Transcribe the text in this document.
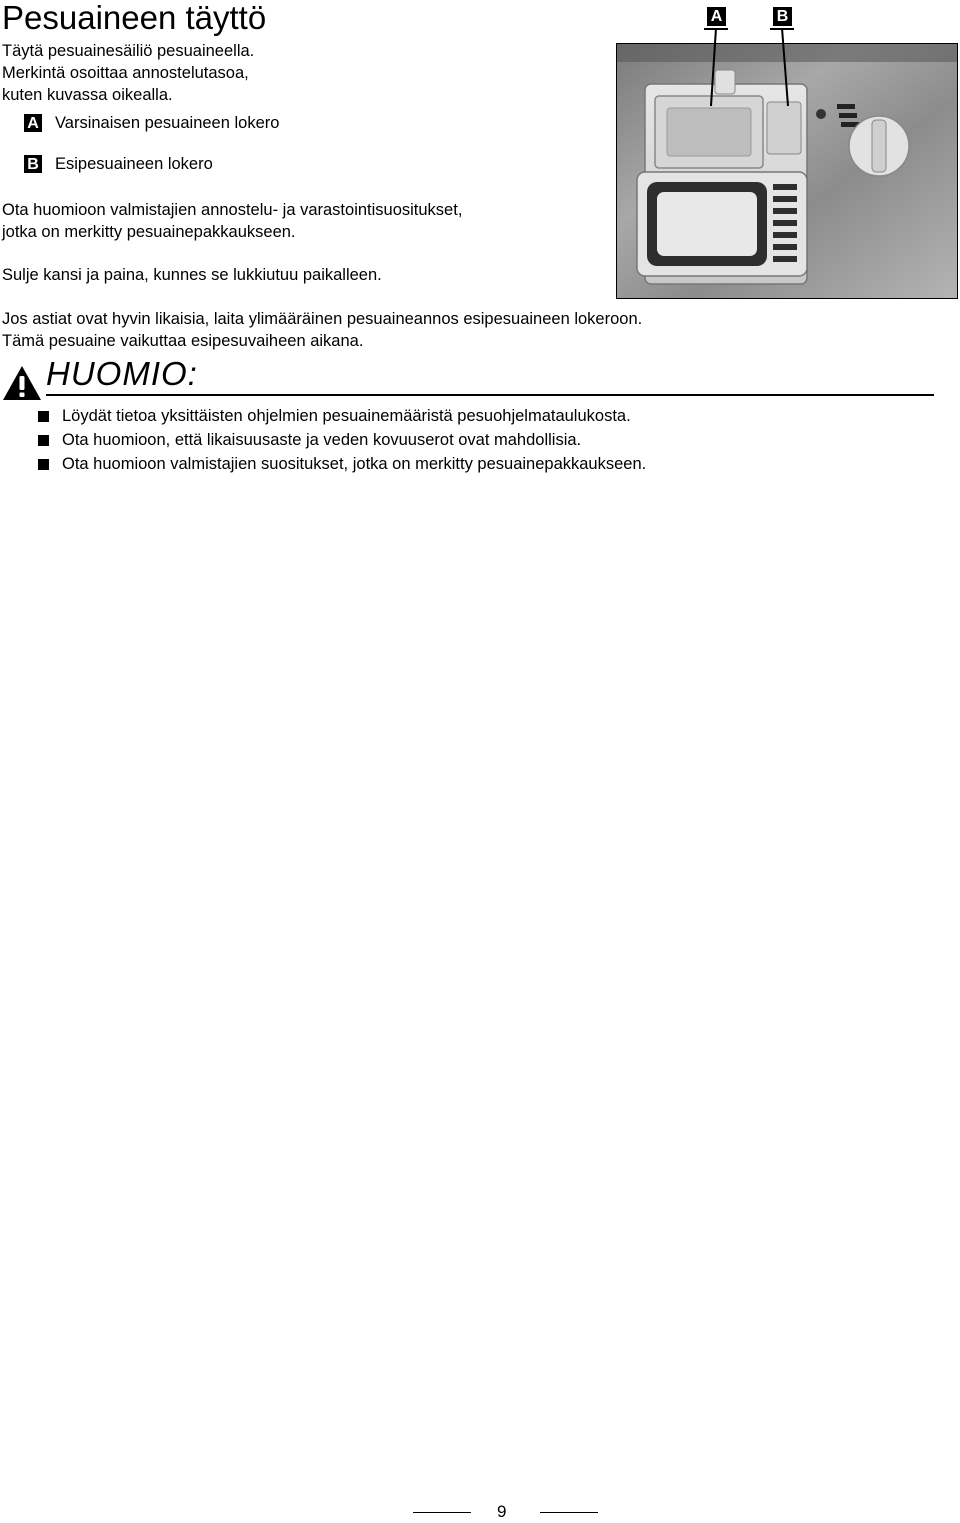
Pesuaineen täyttö
Täytä pesuainesäiliö pesuaineella.
Merkintä osoittaa annostelutasoa,
kuten kuvassa oikealla.
A Varsinaisen pesuaineen lokero
B Esipesuaineen lokero
Ota huomioon valmistajien annostelu- ja varastointisuositukset,
jotka on merkitty pesuainepakkaukseen.
Sulje kansi ja paina, kunnes se lukkiutuu paikalleen.
Jos astiat ovat hyvin likaisia, laita ylimääräinen pesuaineannos esipesuaineen lokeroon.
Tämä pesuaine vaikuttaa esipesuvaiheen aikana.
A	B
HUOMIO:
Löydät tietoa yksittäisten ohjelmien pesuainemääristä pesuohjelmataulukosta.
Ota huomioon, että likaisuusaste ja veden kovuuserot ovat mahdollisia.
Ota huomioon valmistajien suositukset, jotka on merkitty pesuainepakkaukseen.
9
